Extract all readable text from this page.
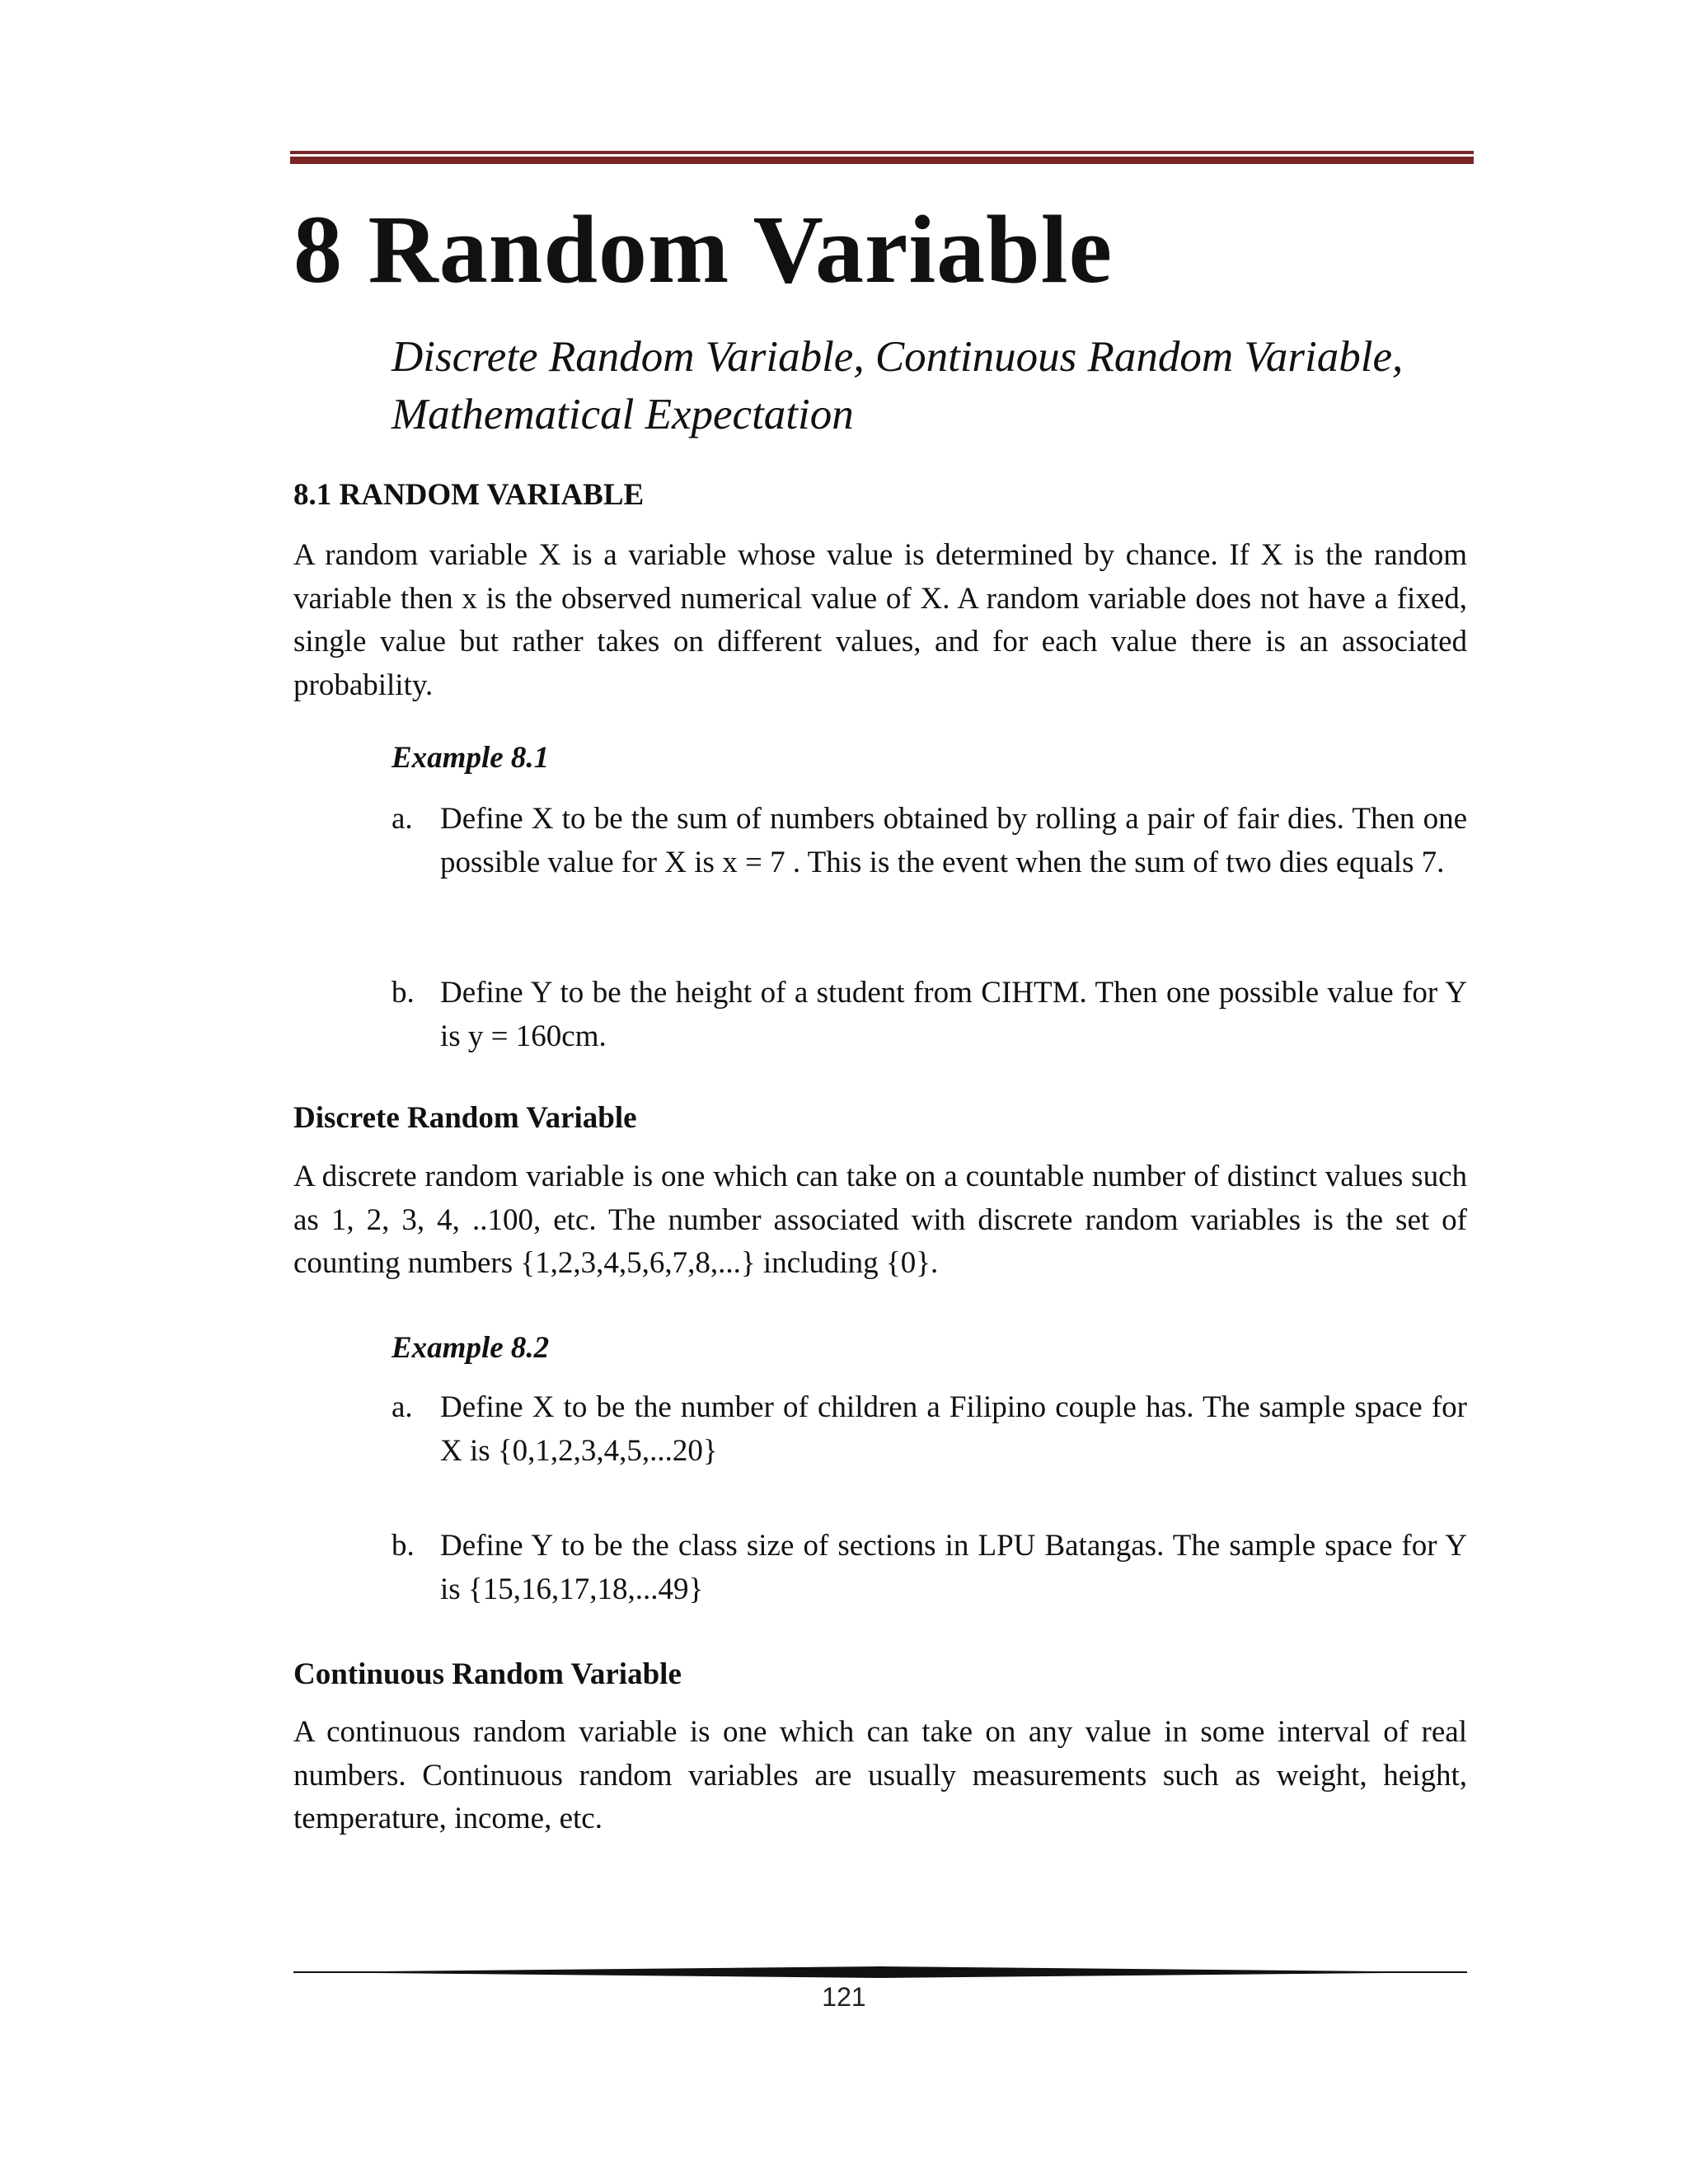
8 Random Variable
Discrete Random Variable, Continuous Random Variable,
Mathematical Expectation

8.1 RANDOM VARIABLE

A random variable X is a variable whose value is determined by chance. If X is the random variable then x is the observed numerical value of X. A random variable does not have a fixed, single value but rather takes on different values, and for each value there is an associated probability.

Example 8.1

a. Define X to be the sum of numbers obtained by rolling a pair of fair dies. Then one possible value for X is x = 7 . This is the event when the sum of two dies equals 7.
b. Define Y to be the height of a student from CIHTM. Then one possible value for Y is y = 160cm.

Discrete Random Variable

A discrete random variable is one which can take on a countable number of distinct values such as 1, 2, 3, 4, ..100, etc. The number associated with discrete random variables is the set of counting numbers {1,2,3,4,5,6,7,8,...} including {0}.

Example 8.2

a. Define X to be the number of children a Filipino couple has. The sample space for X is {0,1,2,3,4,5,...20}
b. Define Y to be the class size of sections in LPU Batangas. The sample space for Y is {15,16,17,18,...49}

Continuous Random Variable

A continuous random variable is one which can take on any value in some interval of real numbers. Continuous random variables are usually measurements such as weight, height, temperature, income, etc.

121
